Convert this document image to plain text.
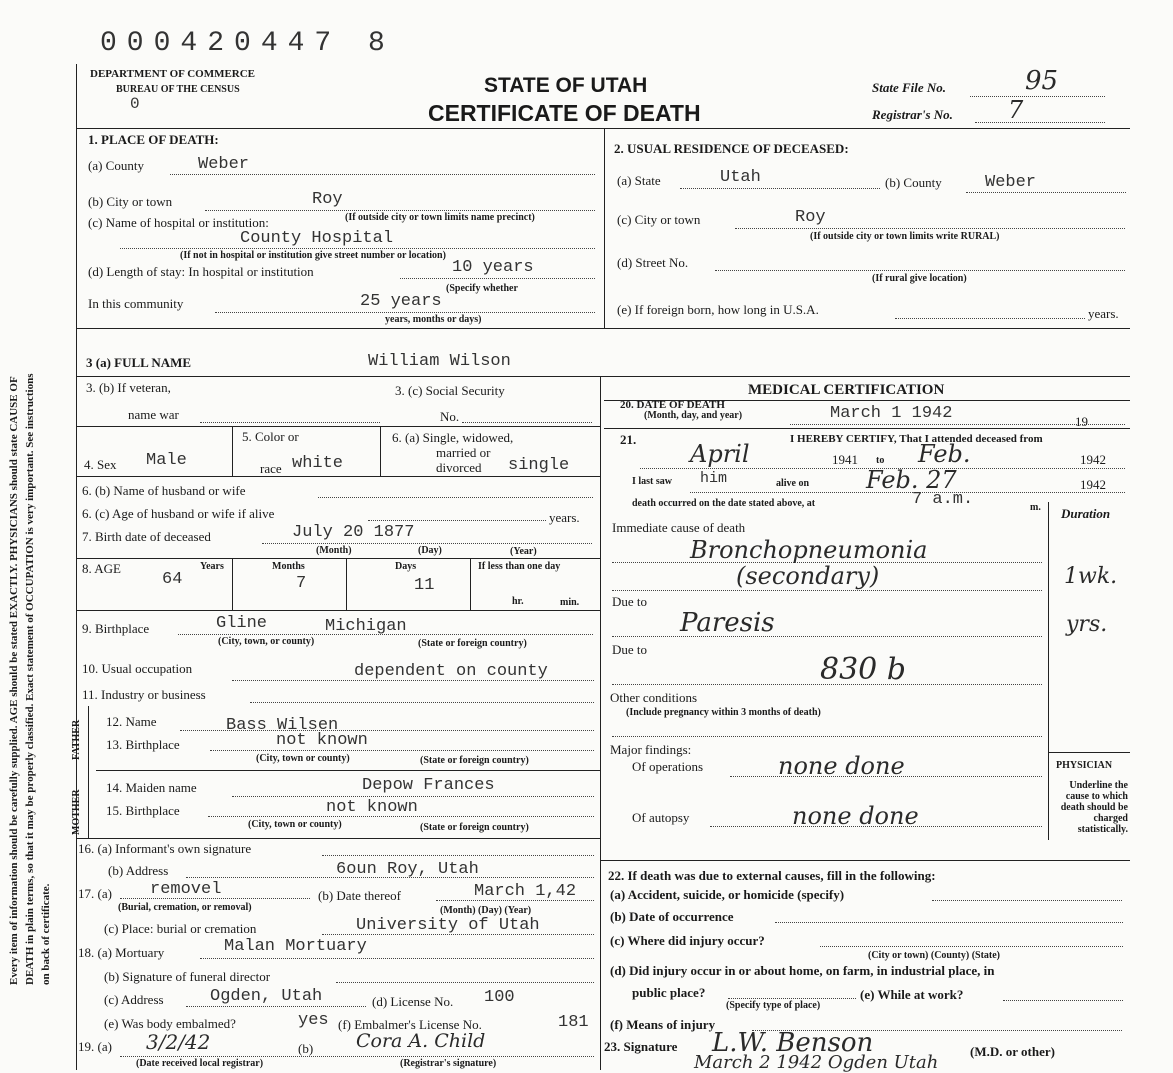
000420447 8
Every item of information should be carefully supplied. AGE should be stated EXACTLY. PHYSICIANS should state CAUSE OF DEATH in plain terms, so that it may be properly classified. Exact statement of OCCUPATION is very important. See instructions on back of certificate.
DEPARTMENT OF COMMERCE
BUREAU OF THE CENSUS
0
STATE OF UTAH
CERTIFICATE OF DEATH
State File No.	95
Registrar's No. 7
1. PLACE OF DEATH:
(a) County	Weber
(b) City or town	Roy
(c) Name of hospital or institution:	(If outside city or town limits name precinct)
County Hospital
(If not in hospital or institution give street number or location)
(d) Length of stay: In hospital or institution	10 years
(Specify whether
In this community	25 years
years, months or days)
2. USUAL RESIDENCE OF DECEASED:
(a) State	Utah	(b) County	Weber
(c) City or town	Roy
(If outside city or town limits write RURAL)
(d) Street No.
(If rural give location)
(e) If foreign born, how long in U.S.A.	years.
3 (a) FULL NAME	William Wilson
3. (b) If veteran,
name war
3. (c) Social Security
No.
4. Sex Male
5. Color or
race white
6. (a) Single, widowed,
married or
divorced single
6. (b) Name of husband or wife
6. (c) Age of husband or wife if alive	years.
7. Birth date of deceased	July 20 1877
(Month)	(Day)	(Year)
8. AGE	Years
64
Months
7
Days
11
If less than one day
hr.	min.
9. Birthplace	Gline	Michigan
(City, town, or county)	(State or foreign country)
10. Usual occupation	dependent on county
11. Industry or business
FATHER
MOTHER
12. Name	Bass Wilsen
13. Birthplace	not known
(City, town or county)	(State or foreign country)
14. Maiden name	Depow Frances
15. Birthplace	not known
(City, town or county)	(State or foreign country)
16. (a) Informant's own signature
(b) Address	6oun Roy, Utah
17. (a) removel
(Burial, cremation, or removal)
(b) Date thereof	March 1,42
(Month) (Day) (Year)
(c) Place: burial or cremation	University of Utah
18. (a) Mortuary	Malan Mortuary
(b) Signature of funeral director
(c) Address	Ogden, Utah	(d) License No. 100
(e) Was body embalmed?	yes (f) Embalmer's License No.	181
19. (a) 3/2/42	(b) Cora A. Child
(Date received local registrar)	(Registrar's signature)
MEDICAL CERTIFICATION
20. DATE OF DEATH
(Month, day, and year)	March 1 1942	19
21.	I HEREBY CERTIFY, That I attended deceased from
April	1941 to Feb.	1942
I last saw him	alive on Feb. 27	1942
death occurred on the date stated above, at	7 a.m.	m.
Immediate cause of death
Duration
Bronchopneumonia
(secondary)	1wk.
Due to
Paresis	yrs.
Due to
830 b
Other conditions
(Include pregnancy within 3 months of death)
Major findings:
Of operations	none done
Of autopsy	none done
PHYSICIAN
Underline the cause to which death should be charged statistically.
22. If death was due to external causes, fill in the following:
(a) Accident, suicide, or homicide (specify)
(b) Date of occurrence
(c) Where did injury occur?
(City or town) (County) (State)
(d) Did injury occur in or about home, on farm, in industrial place, in
public place?
(Specify type of place)
(e) While at work?
(f) Means of injury
23. Signature L.W. Benson	(M.D. or other)
March 2 1942 Ogden Utah
